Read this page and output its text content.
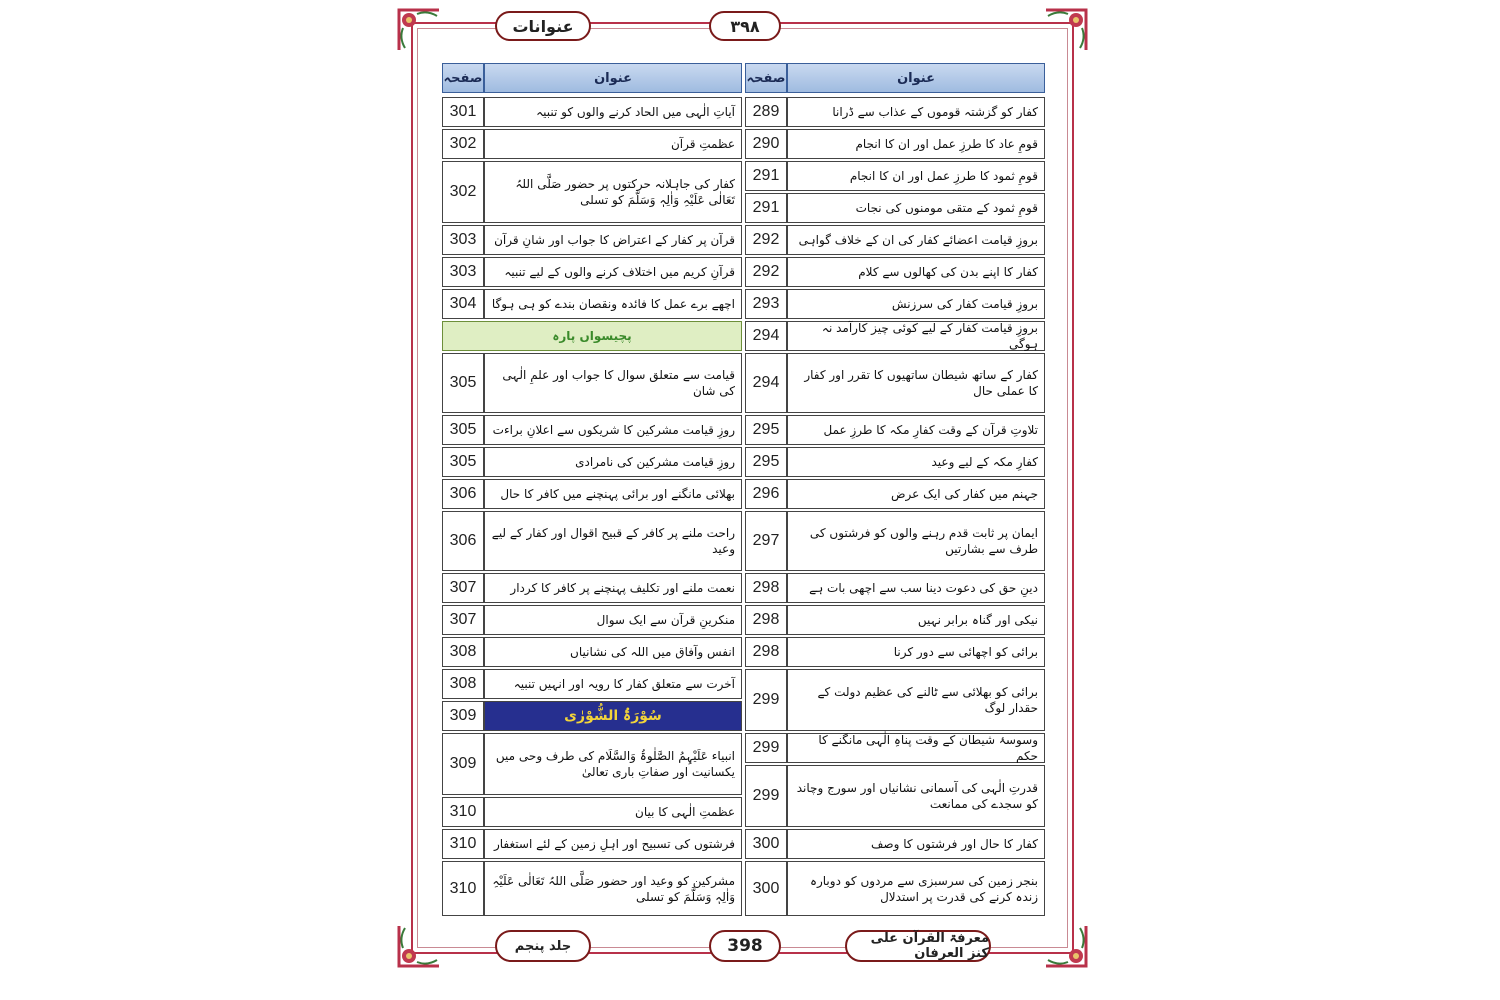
عنوانات	۳۹۸
عنوان
صفحہ
عنوان
صفحہ
کفار کو گزشتہ قوموں کے عذاب سے ڈرانا
289
قومِ عاد کا طرزِ عمل اور ان کا انجام
290
قومِ ثمود کا طرزِ عمل اور ان کا انجام
291
قومِ ثمود کے متقی مومنوں کی نجات
291
بروزِ قیامت اعضائے کفار کی ان کے خلاف گواہی
292
کفار کا اپنے بدن کی کھالوں سے کلام
292
بروزِ قیامت کفار کی سرزنش
293
بروزِ قیامت کفار کے لیے کوئی چیز کارآمد نہ ہوگی
294
کفار کے ساتھ شیطان ساتھیوں کا تقرر اور کفار کا عملی حال
294
تلاوتِ قرآن کے وقت کفارِ مکہ کا طرزِ عمل
295
کفارِ مکہ کے لیے وعید
295
جہنم میں کفار کی ایک عرض
296
ایمان پر ثابت قدم رہنے والوں کو فرشتوں کی طرف سے بشارتیں
297
دینِ حق کی دعوت دینا سب سے اچھی بات ہے
298
نیکی اور گناہ برابر نہیں
298
برائی کو اچھائی سے دور کرنا
298
برائی کو بھلائی سے ٹالنے کی عظیم دولت کے حقدار لوگ
299
وسوسۂ شیطان کے وقت پناہِ الٰہی مانگنے کا حکم
299
قدرتِ الٰہی کی آسمانی نشانیاں اور سورج وچاند کو سجدے کی ممانعت
299
کفار کا حال اور فرشتوں کا وصف
300
بنجر زمین کی سرسبزی سے مردوں کو دوبارہ زندہ کرنے کی قدرت پر استدلال
300
آیاتِ الٰہی میں الحاد کرنے والوں کو تنبیہ
301
عظمتِ قرآن
302
کفار کی جاہلانہ حرکتوں پر حضور صَلَّی اللہُ تَعَالٰی عَلَیْہِ وَاٰلِہٖ وَسَلَّمَ کو تسلی
302
قرآن پر کفار کے اعتراض کا جواب اور شانِ قرآن
303
قرآنِ کریم میں اختلاف کرنے والوں کے لیے تنبیہ
303
اچھے برے عمل کا فائدہ ونقصان بندے کو ہی ہوگا
304
پچیسواں پارہ
قیامت سے متعلق سوال کا جواب اور علمِ الٰہی کی شان
305
روزِ قیامت مشرکین کا شریکوں سے اعلانِ براءت
305
روزِ قیامت مشرکین کی نامرادی
305
بھلائی مانگنے اور برائی پہنچنے میں کافر کا حال
306
راحت ملنے پر کافر کے قبیح اقوال اور کفار کے لیے وعید
306
نعمت ملنے اور تکلیف پہنچنے پر کافر کا کردار
307
منکرینِ قرآن سے ایک سوال
307
انفس وآفاق میں اللہ کی نشانیاں
308
آخرت سے متعلق کفار کا رویہ اور انہیں تنبیہ
308
سُوْرَۃُ الشُّوْرٰی
309
انبیاء عَلَیْہِمُ الصَّلٰوۃُ وَالسَّلَام کی طرف وحی میں یکسانیت اور صفاتِ باری تعالیٰ
309
عظمتِ الٰہی کا بیان
310
فرشتوں کی تسبیح اور اہلِ زمین کے لئے استغفار
310
مشرکین کو وعید اور حضور صَلَّی اللہُ تَعَالٰی عَلَیْہِ وَاٰلِہٖ وَسَلَّمَ کو تسلی
310
جلد پنجم	398	معرفۃ القرآن علی کنز العرفان
